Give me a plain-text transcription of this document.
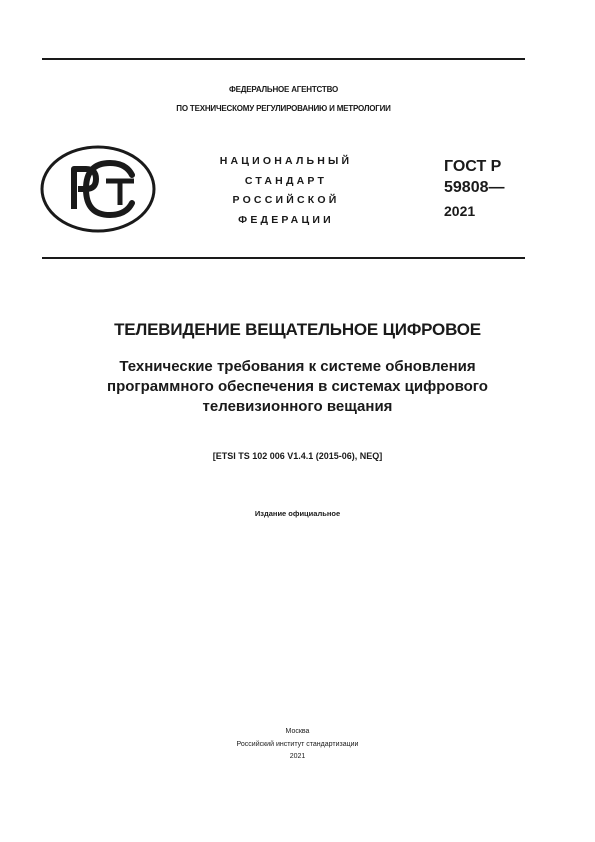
ФЕДЕРАЛЬНОЕ АГЕНТСТВО
ПО ТЕХНИЧЕСКОМУ РЕГУЛИРОВАНИЮ И МЕТРОЛОГИИ
НАЦИОНАЛЬНЫЙ
СТАНДАРТ
РОССИЙСКОЙ
ФЕДЕРАЦИИ
ГОСТ Р
59808—
2021
ТЕЛЕВИДЕНИЕ ВЕЩАТЕЛЬНОЕ ЦИФРОВОЕ
Технические требования к системе обновления
программного обеспечения в системах цифрового
телевизионного вещания
[ETSI TS 102 006 V1.4.1 (2015-06), NEQ]
Издание официальное
Москва
Российский институт стандартизации
2021
